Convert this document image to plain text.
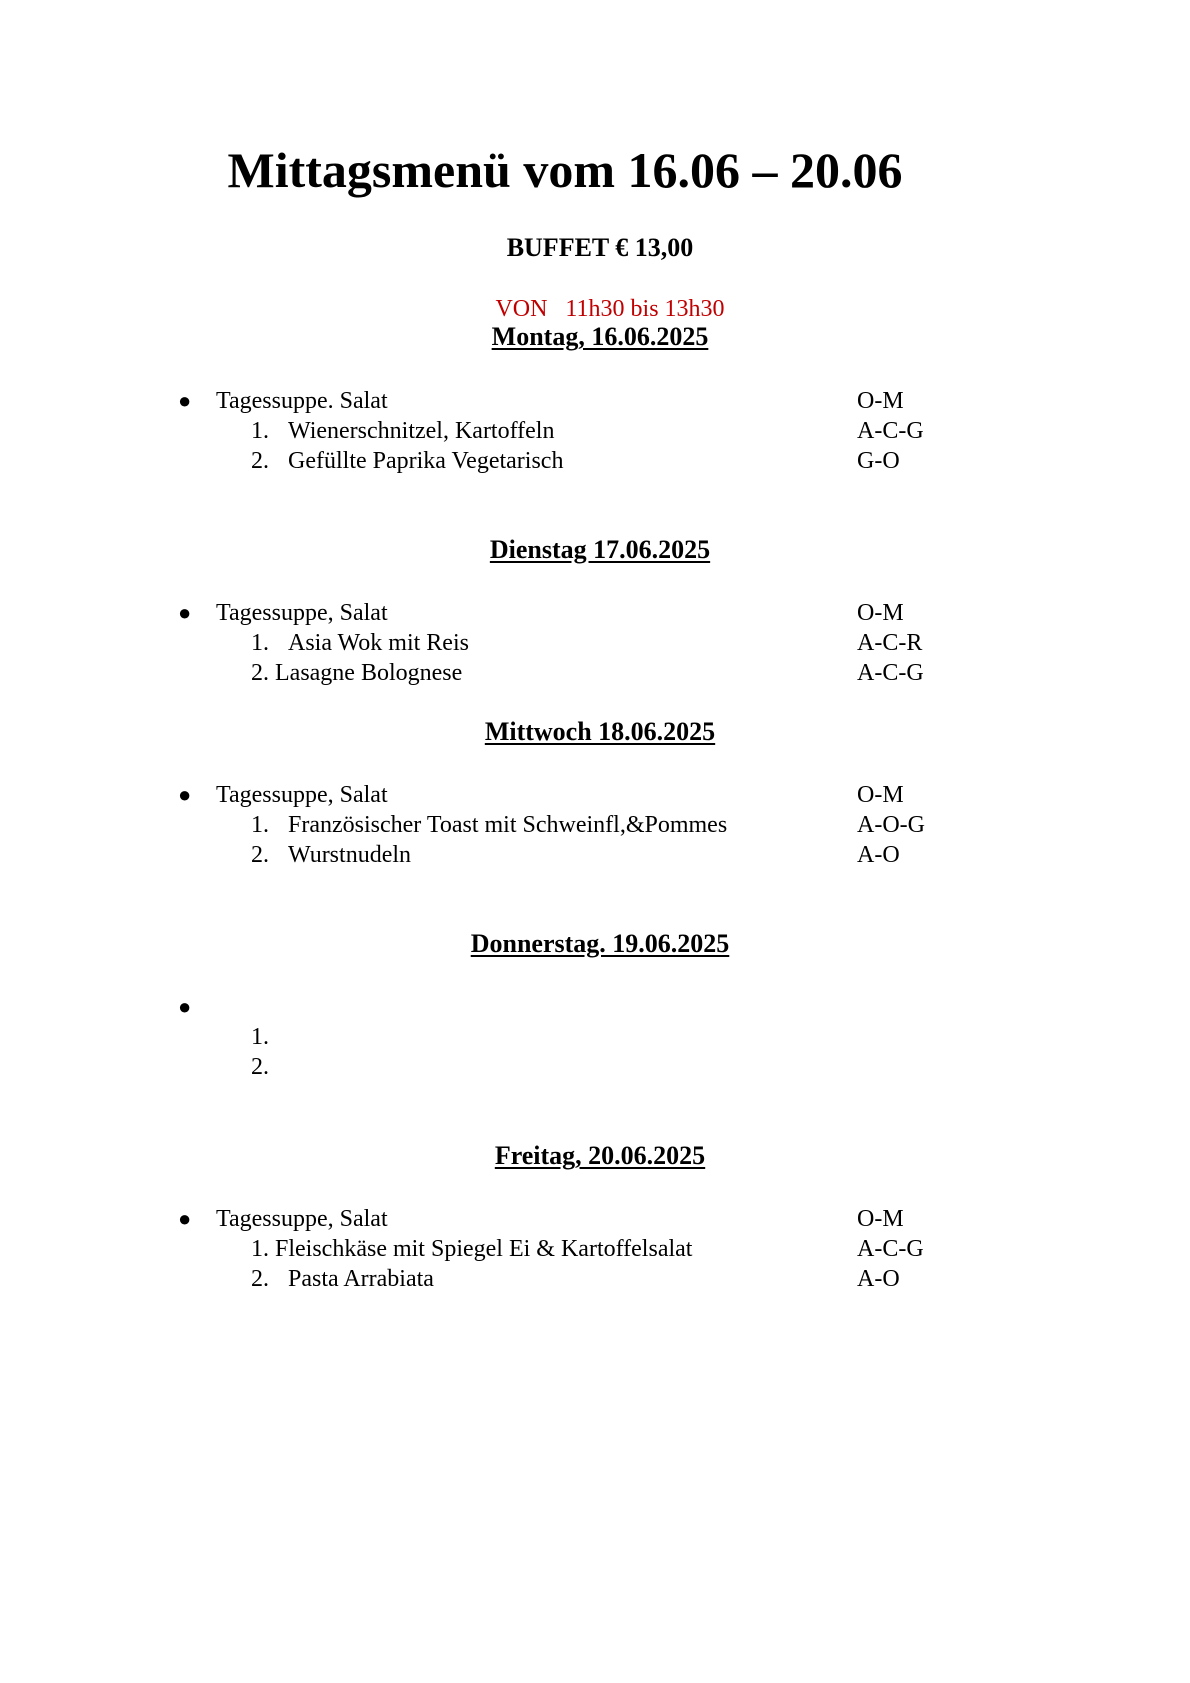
Mittagsmenü vom 16.06 – 20.06
BUFFET € 13,00
VON   11h30 bis 13h30
Montag, 16.06.2025
● Tagessuppe. Salat	O-M
1. Wienerschnitzel, Kartoffeln	A-C-G
2. Gefüllte Paprika Vegetarisch	G-O
Dienstag 17.06.2025
● Tagessuppe, Salat	O-M
1. Asia Wok mit Reis	A-C-R
2. Lasagne Bolognese	A-C-G
Mittwoch 18.06.2025
● Tagessuppe, Salat	O-M
1. Französischer Toast mit Schweinfl,&Pommes	A-O-G
2. Wurstnudeln	A-O
Donnerstag. 19.06.2025
●
1.
2.
Freitag, 20.06.2025
● Tagessuppe, Salat	O-M
1. Fleischkäse mit Spiegel Ei & Kartoffelsalat	A-C-G
2. Pasta Arrabiata	A-O
